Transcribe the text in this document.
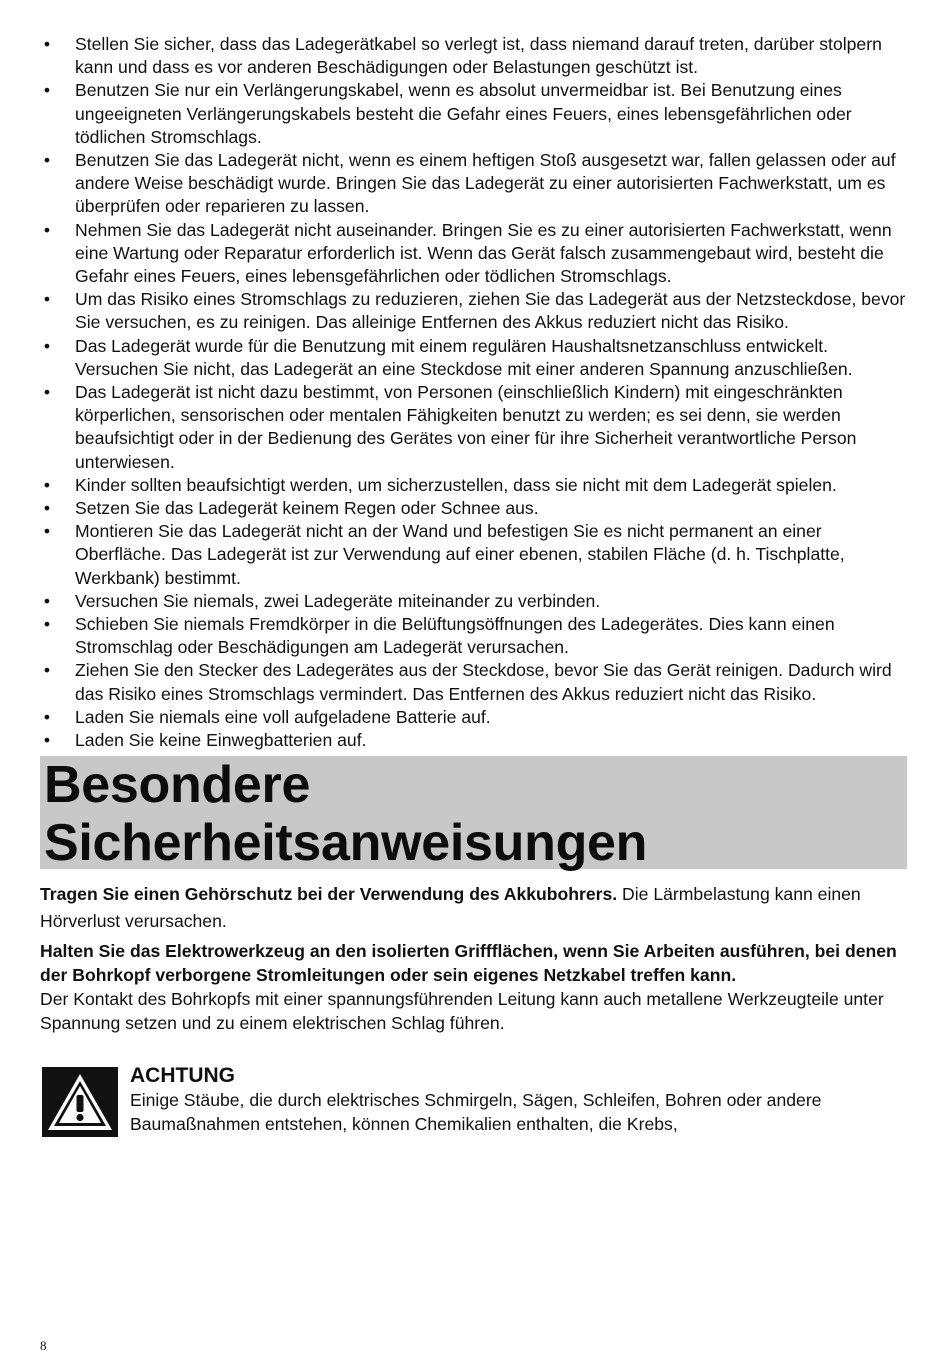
• Stellen Sie sicher, dass das Ladegerätkabel so verlegt ist, dass niemand darauf treten, darüber stolpern kann und dass es vor anderen Beschädigungen oder Belastungen geschützt ist.
• Benutzen Sie nur ein Verlängerungskabel, wenn es absolut unvermeidbar ist. Bei Benutzung eines ungeeigneten Verlängerungskabels besteht die Gefahr eines Feuers, eines lebensgefährlichen oder tödlichen Stromschlags.
• Benutzen Sie das Ladegerät nicht, wenn es einem heftigen Stoß ausgesetzt war, fallen gelassen oder auf andere Weise beschädigt wurde. Bringen Sie das Ladegerät zu einer autorisierten Fachwerkstatt, um es überprüfen oder reparieren zu lassen.
• Nehmen Sie das Ladegerät nicht auseinander. Bringen Sie es zu einer autorisierten Fachwerkstatt, wenn eine Wartung oder Reparatur erforderlich ist. Wenn das Gerät falsch zusammengebaut wird, besteht die Gefahr eines Feuers, eines lebensgefährlichen oder tödlichen Stromschlags.
• Um das Risiko eines Stromschlags zu reduzieren, ziehen Sie das Ladegerät aus der Netzsteckdose, bevor Sie versuchen, es zu reinigen. Das alleinige Entfernen des Akkus reduziert nicht das Risiko.
• Das Ladegerät wurde für die Benutzung mit einem regulären Haushaltsnetzanschluss entwickelt. Versuchen Sie nicht, das Ladegerät an eine Steckdose mit einer anderen Spannung anzuschließen.
• Das Ladegerät ist nicht dazu bestimmt, von Personen (einschließlich Kindern) mit eingeschränkten körperlichen, sensorischen oder mentalen Fähigkeiten benutzt zu werden; es sei denn, sie werden beaufsichtigt oder in der Bedienung des Gerätes von einer für ihre Sicherheit verantwortliche Person unterwiesen.
• Kinder sollten beaufsichtigt werden, um sicherzustellen, dass sie nicht mit dem Ladegerät spielen.
• Setzen Sie das Ladegerät keinem Regen oder Schnee aus.
• Montieren Sie das Ladegerät nicht an der Wand und befestigen Sie es nicht permanent an einer Oberfläche. Das Ladegerät ist zur Verwendung auf einer ebenen, stabilen Fläche (d. h. Tischplatte, Werkbank) bestimmt.
• Versuchen Sie niemals, zwei Ladegeräte miteinander zu verbinden.
• Schieben Sie niemals Fremdkörper in die Belüftungsöffnungen des Ladegerätes. Dies kann einen Stromschlag oder Beschädigungen am Ladegerät verursachen.
• Ziehen Sie den Stecker des Ladegerätes aus der Steckdose, bevor Sie das Gerät reinigen. Dadurch wird das Risiko eines Stromschlags vermindert. Das Entfernen des Akkus reduziert nicht das Risiko.
• Laden Sie niemals eine voll aufgeladene Batterie auf.
• Laden Sie keine Einwegbatterien auf.
Besondere
Sicherheitsanweisungen

Tragen Sie einen Gehörschutz bei der Verwendung des Akkubohrers. Die Lärmbelastung kann einen Hörverlust verursachen.

Halten Sie das Elektrowerkzeug an den isolierten Griffflächen, wenn Sie Arbeiten ausführen, bei denen der Bohrkopf verborgene Stromleitungen oder sein eigenes Netzkabel treffen kann.
Der Kontakt des Bohrkopfs mit einer spannungsführenden Leitung kann auch metallene Werkzeugteile unter Spannung setzen und zu einem elektrischen Schlag führen.

ACHTUNG

Einige Stäube, die durch elektrisches Schmirgeln, Sägen, Schleifen, Bohren oder andere Baumaßnahmen entstehen, können Chemikalien enthalten, die Krebs,

8
